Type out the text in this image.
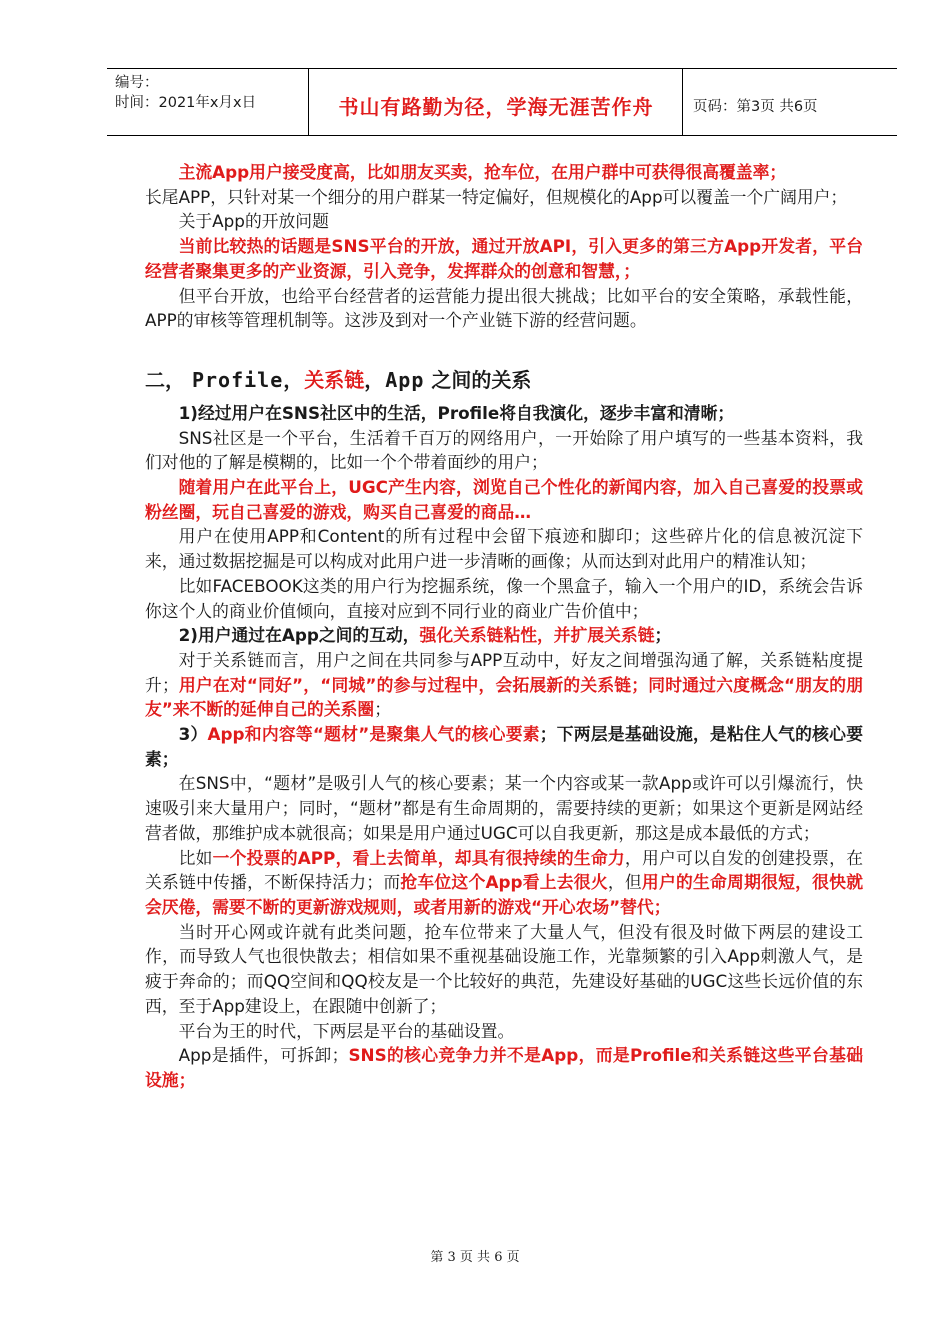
编号：
时间：2021年x月x日	书山有路勤为径，学海无涯苦作舟	页码：第3页 共6页

主流App用户接受度高，比如朋友买卖，抢车位，在用户群中可获得很高覆盖率；

长尾APP，只针对某一个细分的用户群某一特定偏好，但规模化的App可以覆盖一个广阔用户；

关于App的开放问题

当前比较热的话题是SNS平台的开放，通过开放API，引入更多的第三方App开发者，平台经营者聚集更多的产业资源，引入竞争，发挥群众的创意和智慧，；

但平台开放，也给平台经营者的运营能力提出很大挑战；比如平台的安全策略，承载性能，APP的审核等管理机制等。这涉及到对一个产业链下游的经营问题。

二， Profile，关系链，App 之间的关系

1)经过用户在SNS社区中的生活，Profile将自我演化，逐步丰富和清晰；

SNS社区是一个平台，生活着千百万的网络用户，一开始除了用户填写的一些基本资料，我们对他的了解是模糊的，比如一个个带着面纱的用户；

随着用户在此平台上，UGC产生内容，浏览自己个性化的新闻内容，加入自己喜爱的投票或粉丝圈，玩自己喜爱的游戏，购买自己喜爱的商品…

用户在使用APP和Content的所有过程中会留下痕迹和脚印；这些碎片化的信息被沉淀下来，通过数据挖掘是可以构成对此用户进一步清晰的画像；从而达到对此用户的精准认知；

比如FACEBOOK这类的用户行为挖掘系统，像一个黑盒子，输入一个用户的ID，系统会告诉你这个人的商业价值倾向，直接对应到不同行业的商业广告价值中；

2)用户通过在App之间的互动，强化关系链粘性，并扩展关系链；

对于关系链而言，用户之间在共同参与APP互动中，好友之间增强沟通了解，关系链粘度提升；用户在对“同好”，“同城”的参与过程中，会拓展新的关系链；同时通过六度概念“朋友的朋友”来不断的延伸自己的关系圈；

3）App和内容等“题材”是聚集人气的核心要素；下两层是基础设施，是粘住人气的核心要素；

在SNS中，“题材”是吸引人气的核心要素；某一个内容或某一款App或许可以引爆流行，快速吸引来大量用户；同时，“题材”都是有生命周期的，需要持续的更新；如果这个更新是网站经营者做，那维护成本就很高；如果是用户通过UGC可以自我更新，那这是成本最低的方式；

比如一个投票的APP，看上去简单，却具有很持续的生命力，用户可以自发的创建投票，在关系链中传播，不断保持活力；而抢车位这个App看上去很火，但用户的生命周期很短，很快就会厌倦，需要不断的更新游戏规则，或者用新的游戏“开心农场”替代；

当时开心网或许就有此类问题，抢车位带来了大量人气，但没有很及时做下两层的建设工作，而导致人气也很快散去；相信如果不重视基础设施工作，光靠频繁的引入App刺激人气，是疲于奔命的；而QQ空间和QQ校友是一个比较好的典范，先建设好基础的UGC这些长远价值的东西，至于App建设上，在跟随中创新了；

平台为王的时代，下两层是平台的基础设置。

App是插件，可拆卸；SNS的核心竞争力并不是App，而是Profile和关系链这些平台基础设施；

第 3 页 共 6 页
